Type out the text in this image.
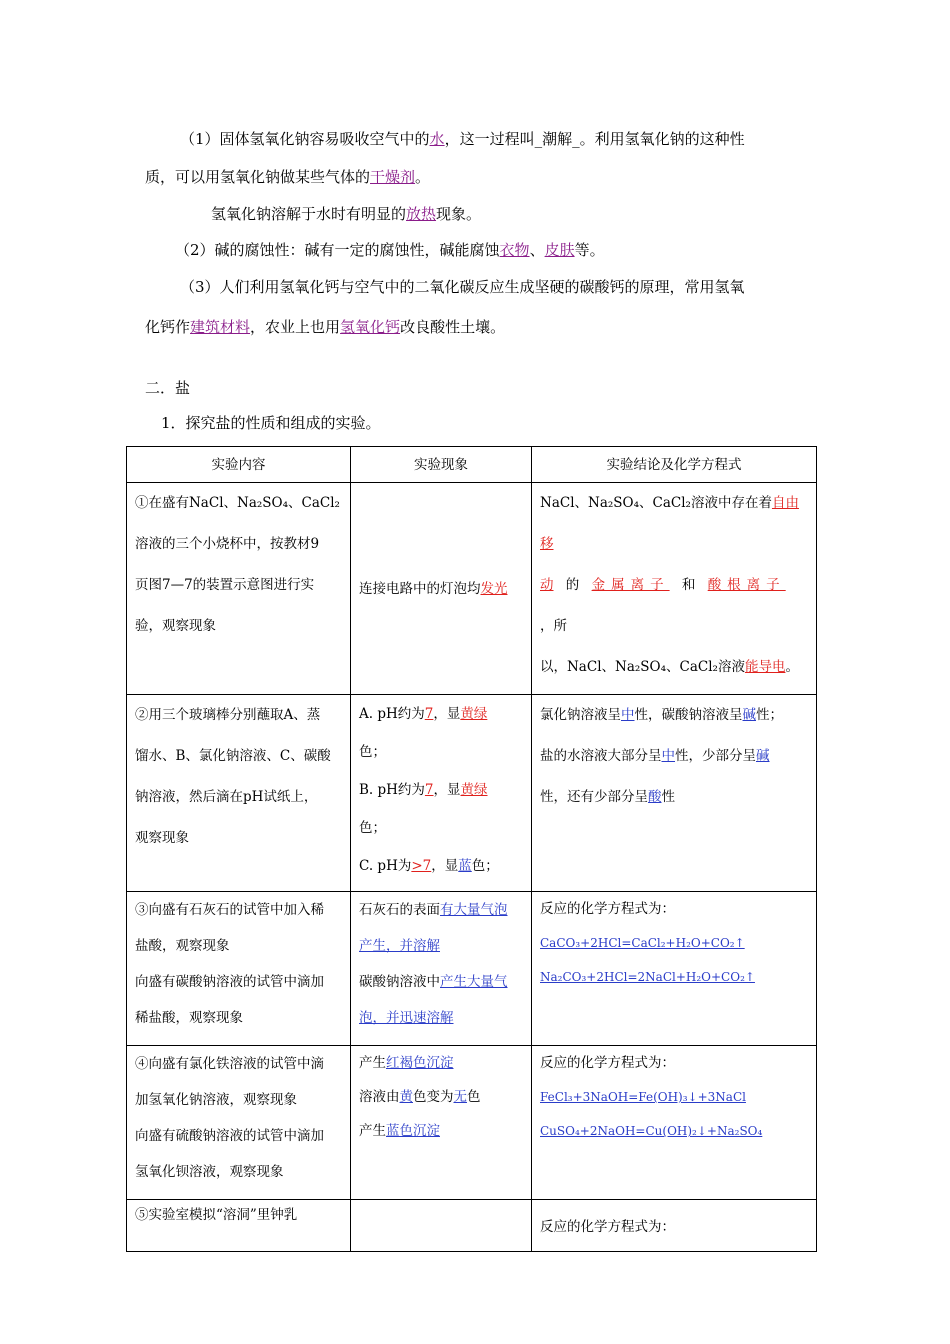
（1）固体氢氧化钠容易吸收空气中的水，这一过程叫_潮解_。利用氢氧化钠的这种性
质，可以用氢氧化钠做某些气体的干燥剂。
氢氧化钠溶解于水时有明显的放热现象。
（2）碱的腐蚀性：碱有一定的腐蚀性，碱能腐蚀衣物、皮肤等。
（3）人们利用氢氧化钙与空气中的二氧化碳反应生成坚硬的碳酸钙的原理，常用氢氧
化钙作建筑材料，农业上也用氢氧化钙改良酸性土壤。
二．盐
1．探究盐的性质和组成的实验。
实验内容	实验现象	实验结论及化学方程式

①在盛有NaCl、Na₂SO₄、CaCl₂
溶液的三个小烧杯中，按教材9
页图7—7的装置示意图进行实
验，观察现象	连接电路中的灯泡均发光	NaCl、Na₂SO₄、CaCl₂溶液中存在着自由移
动 的 金属离子 和 酸根离子 ，所
以，NaCl、Na₂SO₄、CaCl₂溶液能导电。

②用三个玻璃棒分别蘸取A、蒸
馏水、B、氯化钠溶液、C、碳酸
钠溶液，然后滴在pH试纸上，
观察现象	A. pH约为7，显黄绿
色；
B. pH约为7，显黄绿
色；
C. pH为>7，显蓝色；	氯化钠溶液呈中性，碳酸钠溶液呈碱性；
盐的水溶液大部分呈中性，少部分呈碱
性，还有少部分呈酸性

③向盛有石灰石的试管中加入稀
盐酸，观察现象
向盛有碳酸钠溶液的试管中滴加
稀盐酸，观察现象	石灰石的表面有大量气泡
产生，并溶解
碳酸钠溶液中产生大量气
泡，并迅速溶解	反应的化学方程式为：
CaCO₃+2HCl=CaCl₂+H₂O+CO₂↑
Na₂CO₃+2HCl=2NaCl+H₂O+CO₂↑

④向盛有氯化铁溶液的试管中滴
加氢氧化钠溶液，观察现象
向盛有硫酸钠溶液的试管中滴加
氢氧化钡溶液，观察现象	产生红褐色沉淀
溶液由黄色变为无色
产生蓝色沉淀	反应的化学方程式为：
FeCl₃+3NaOH=Fe(OH)₃↓+3NaCl
CuSO₄+2NaOH=Cu(OH)₂↓+Na₂SO₄

⑤实验室模拟“溶洞”里钟乳		反应的化学方程式为：
